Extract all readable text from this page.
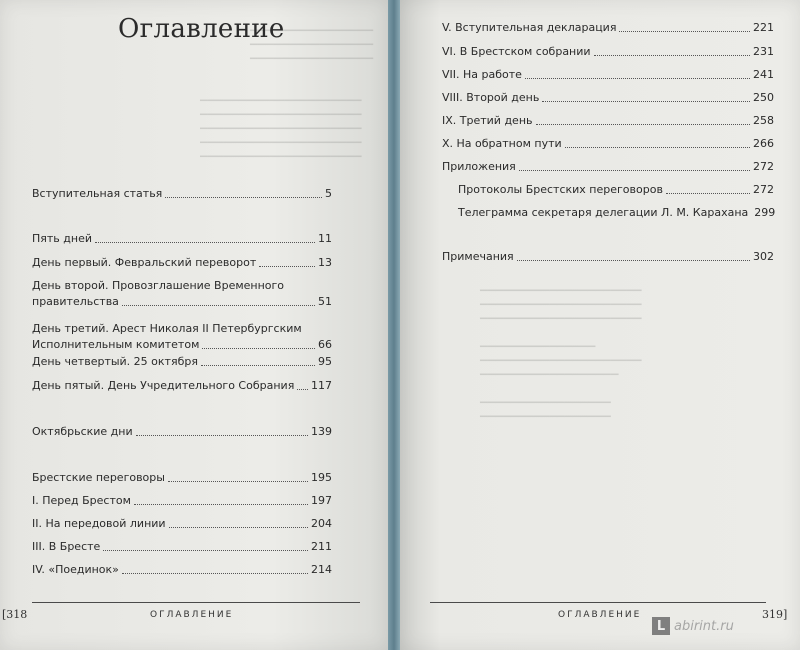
▔▔▔▔▔▔▔▔▔▔▔▔▔▔▔▔
▔▔▔▔▔▔▔▔▔▔▔▔▔▔▔▔
▔▔▔▔▔▔▔▔▔▔▔▔▔▔▔▔
▔▔▔▔▔▔▔▔▔▔▔▔▔▔▔▔▔▔▔▔▔
▔▔▔▔▔▔▔▔▔▔▔▔▔▔▔▔▔▔▔▔▔
▔▔▔▔▔▔▔▔▔▔▔▔▔▔▔▔▔▔▔▔▔
▔▔▔▔▔▔▔▔▔▔▔▔▔▔▔▔▔▔▔▔▔
▔▔▔▔▔▔▔▔▔▔▔▔▔▔▔▔▔▔▔▔▔
Оглавление
Вступительная статья	5
Пять дней	11
День первый. Февральский переворот	13
День второй. Провозглашение Временного
правительства	51
День третий. Арест Николая II Петербургским
Исполнительным комитетом	66
День четвертый. 25 октября	95
День пятый. День Учредительного Собрания 117
Октябрьские дни	139
Брестские переговоры	195
I. Перед Брестом	197
II. На передовой линии	204
III. В Бресте	211
IV. «Поединок»	214
ОГЛАВЛЕНИЕ
[318
▔▔▔▔▔▔▔▔▔▔▔▔▔▔▔▔▔▔▔▔▔
▔▔▔▔▔▔▔▔▔▔▔▔▔▔▔▔▔▔▔▔▔
▔▔▔▔▔▔▔▔▔▔▔▔▔▔▔▔▔▔▔▔▔

▔▔▔▔▔▔▔▔▔▔▔▔▔▔▔
▔▔▔▔▔▔▔▔▔▔▔▔▔▔▔▔▔▔▔▔▔
▔▔▔▔▔▔▔▔▔▔▔▔▔▔▔▔▔▔

▔▔▔▔▔▔▔▔▔▔▔▔▔▔▔▔▔
▔▔▔▔▔▔▔▔▔▔▔▔▔▔▔▔▔
V. Вступительная декларация	221
VI. В Брестском собрании	231
VII. На работе	241
VIII. Второй день	250
IX. Третий день	258
X. На обратном пути	266
Приложения	272
Протоколы Брестских переговоров	272
Телеграмма секретаря делегации Л. М. Карахана 299
Примечания	302
ОГЛАВЛЕНИЕ	319]
L abirint.ru
